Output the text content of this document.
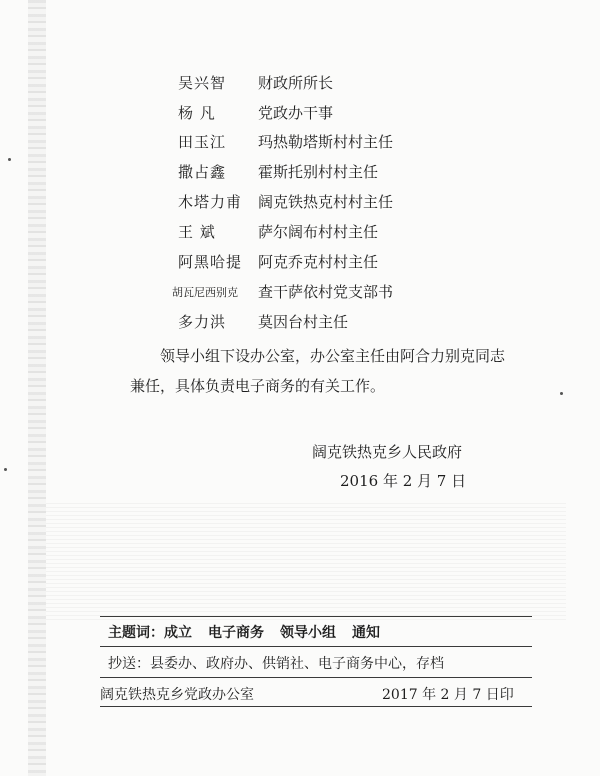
吴兴智 财政所所长
杨 凡	党政办干事
田玉江 玛热勒塔斯村村主任
撒占鑫 霍斯托别村村主任
木塔力甫 阔克铁热克村村主任
王 斌	萨尔阔布村村主任
阿黑哈提 阿克乔克村村主任
胡瓦尼西别克 查干萨依村党支部书
多力洪 莫因台村主任
领导小组下设办公室，办公室主任由阿合力别克同志
兼任，具体负责电子商务的有关工作。
阔克铁热克乡人民政府
2016 年 2 月 7 日
主题词：成立 电子商务 领导小组 通知
抄送：县委办、政府办、供销社、电子商务中心，存档
阔克铁热克乡党政办公室	2017 年 2 月 7 日印
